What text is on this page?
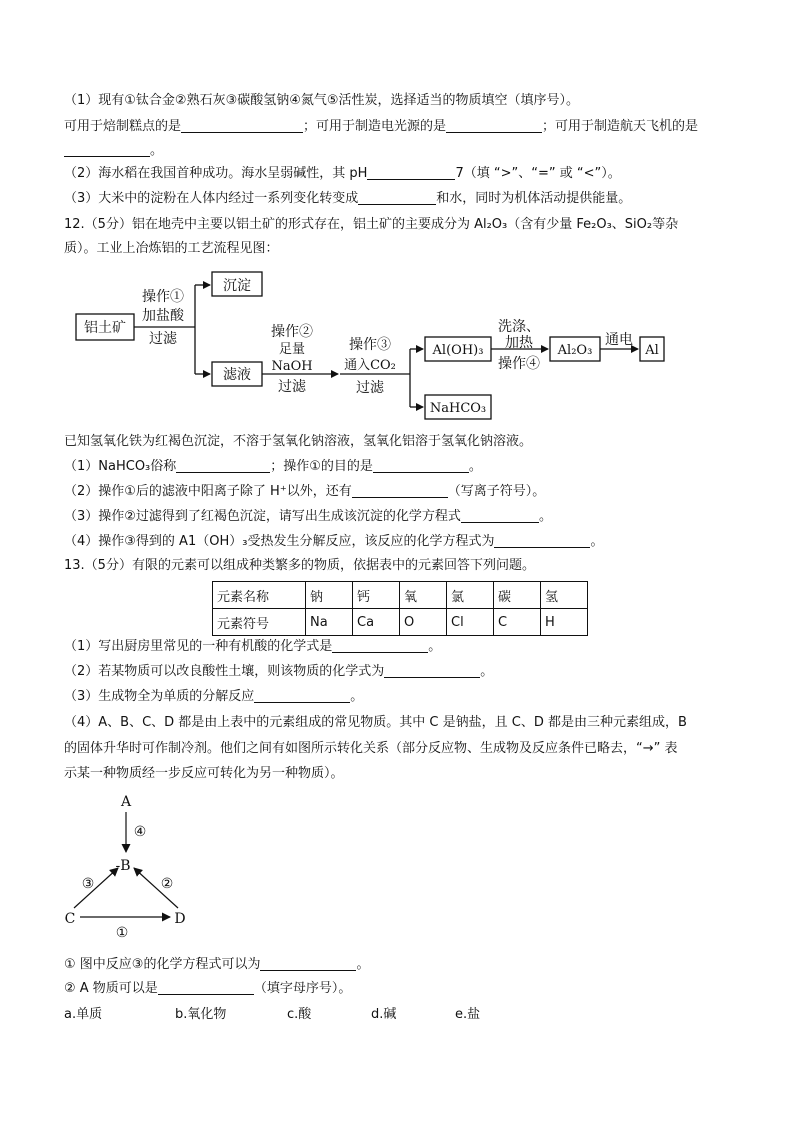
（1）现有①钛合金②熟石灰③碳酸氢钠④氮气⑤活性炭，选择适当的物质填空（填序号）。
可用于焙制糕点的是	；可用于制造电光源的是	；可用于制造航天飞机的是
。
（2）海水稻在我国首种成功。海水呈弱碱性，其 pH	7（填 “>”、“=” 或 “<”）。
（3）大米中的淀粉在人体内经过一系列变化转变成	和水，同时为机体活动提供能量。
12.（5分）铝在地壳中主要以铝土矿的形式存在，铝土矿的主要成分为 Al₂O₃（含有少量 Fe₂O₃、SiO₂等杂
质）。工业上冶炼铝的工艺流程见图：
铝土矿
沉淀
滤液
Al(OH)₃	Al₂O₃	Al
NaHCO₃
操作①
加盐酸
过滤	操作②
足量
NaOH
过滤
操作③
通入CO₂
过滤
洗涤、
加热
操作④
通电
已知氢氧化铁为红褐色沉淀，不溶于氢氧化钠溶液，氢氧化铝溶于氢氧化钠溶液。
（1）NaHCO₃俗称	；操作①的目的是	。
（2）操作①后的滤液中阳离子除了 H⁺以外，还有	（写离子符号）。
（3）操作②过滤得到了红褐色沉淀，请写出生成该沉淀的化学方程式	。
（4）操作③得到的 A1（OH）₃受热发生分解反应，该反应的化学方程式为	。
13.（5分）有限的元素可以组成种类繁多的物质，依据表中的元素回答下列问题。
元素名称	钠	钙	氧	氯	碳	氢
元素符号	Na	Ca	O	Cl	C	H
（1）写出厨房里常见的一种有机酸的化学式是	。
（2）若某物质可以改良酸性土壤，则该物质的化学式为	。
（3）生成物全为单质的分解反应	。
（4）A、B、C、D 都是由上表中的元素组成的常见物质。其中 C 是钠盐，且 C、D 都是由三种元素组成，B
的固体升华时可作制冷剂。他们之间有如图所示转化关系（部分反应物、生成物及反应条件已略去，“→” 表
示某一种物质经一步反应可转化为另一种物质）。
A
-B
C	D
④
③	②
①
① 图中反应③的化学方程式可以为	。
② A 物质可以是	（填字母序号）。
a.单质	b.氧化物	c.酸	d.碱	e.盐
